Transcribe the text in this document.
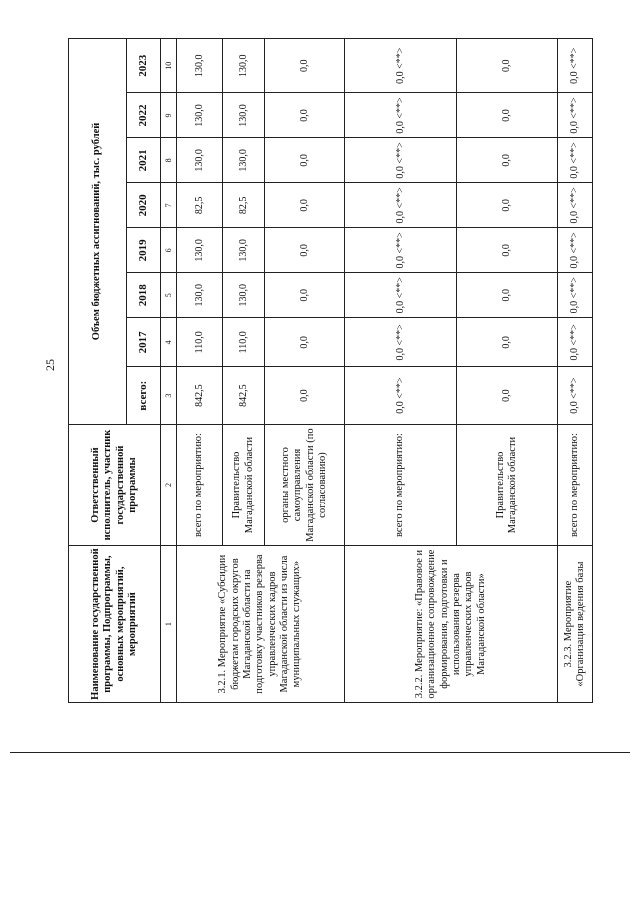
25
Наименование государственной программы, Подпрограммы, основных мероприятий, мероприятий	Ответственный исполнитель, участник государственной программы	Объем бюджетных ассигнований, тыс. рублей							
		всего:	2017	2018	2019	2020	2021	2022	2023
1	2	3	4	5	6	7	8	9	10
3.2.1. Мероприятие «Субсидии бюджетам городских округов Магаданской области на подготовку участников резерва управленческих кадров Магаданской области из числа муниципальных служащих»	всего по мероприятию:	842,5	110,0	130,0	130,0	82,5	130,0	130,0	130,0
	Правительство Магаданской области	842,5	110,0	130,0	130,0	82,5	130,0	130,0	130,0
	органы местного самоуправления Магаданской области (по согласованию)	0,0	0,0	0,0	0,0	0,0	0,0	0,0	0,0
3.2.2. Мероприятие: «Правовое и организационное сопровождение формирования, подготовки и использования резерва управленческих кадров Магаданской области»	всего по мероприятию:	0,0 <**>	0,0 <**>	0,0 <**>	0,0 <**>	0,0 <**>	0,0 <**>	0,0 <**>	0,0 <**>
	Правительство Магаданской области	0,0	0,0	0,0	0,0	0,0	0,0	0,0	0,0
3.2.3. Мероприятие «Организация ведения базы	всего по мероприятию:	0,0 <**>	0,0 <**>	0,0 <**>	0,0 <**>	0,0 <**>	0,0 <**>	0,0 <**>	0,0 <**>
